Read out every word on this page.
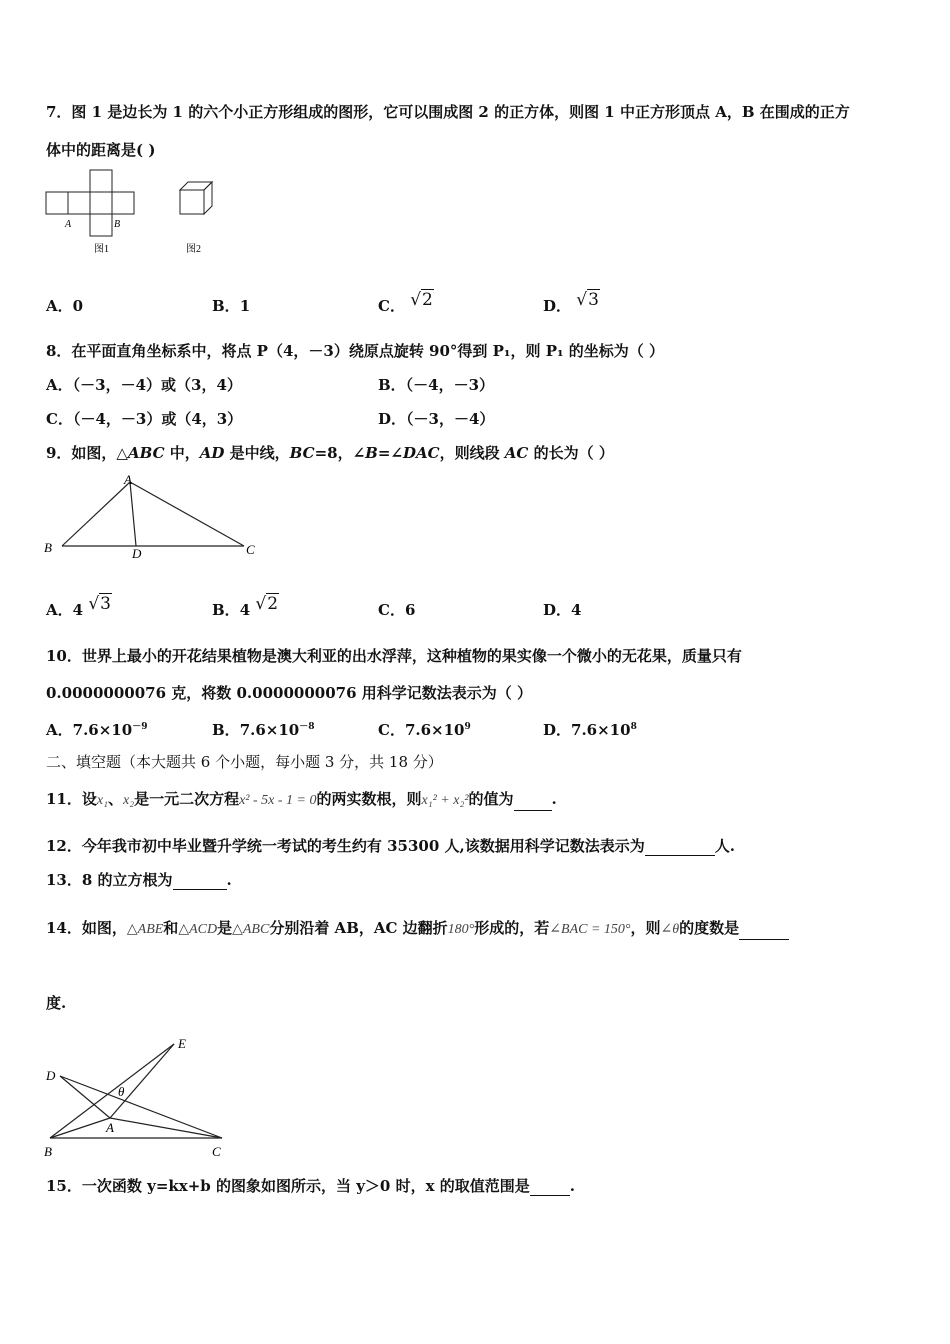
7．图 1 是边长为 1 的六个小正方形组成的图形，它可以围成图 2 的正方体，则图 1 中正方形顶点 A，B 在围成的正方
体中的距离是( )
A	B
图1	图2
A．0	B．1	C． √2	D． √3
8．在平面直角坐标系中，将点 P（4，－3）绕原点旋转 90°得到 P₁，则 P₁ 的坐标为（ ）
A．（－3，－4）或（3，4）	B．（－4，－3）
C．（－4，－3）或（4，3）	D．（－3，－4）
9．如图，△ABC 中，AD 是中线，BC=8，∠B=∠DAC，则线段 AC 的长为（ ）
A
B	C
D
A．4 √3	B．4 √2	C．6	D．4
10．世界上最小的开花结果植物是澳大利亚的出水浮萍，这种植物的果实像一个微小的无花果，质量只有
0.0000000076 克，将数 0.0000000076 用科学记数法表示为（ ）
A．$7.6\times 10^{-9}$	B．$7.6\times 10^{-8}$	C．$7.6\times 10^9$	D．$7.6\times 10^8$
二、填空题（本大题共 6 个小题，每小题 3 分，共 18 分）
11．设x₁、x₂是一元二次方程x² - 5x - 1 = 0的两实数根，则x₁² + x₂²的值为	.
12．今年我市初中毕业暨升学统一考试的考生约有 35300 人,该数据用科学记数法表示为	人.
13．8 的立方根为	.
14．如图，△ABE和△ACD是△ABC分别沿着 AB，AC 边翻折180°形成的，若∠BAC = 150°，则∠θ的度数是
度.
D
E
θ
A
B	C
15．一次函数 y=kx+b 的图象如图所示，当 y＞0 时，x 的取值范围是	.
